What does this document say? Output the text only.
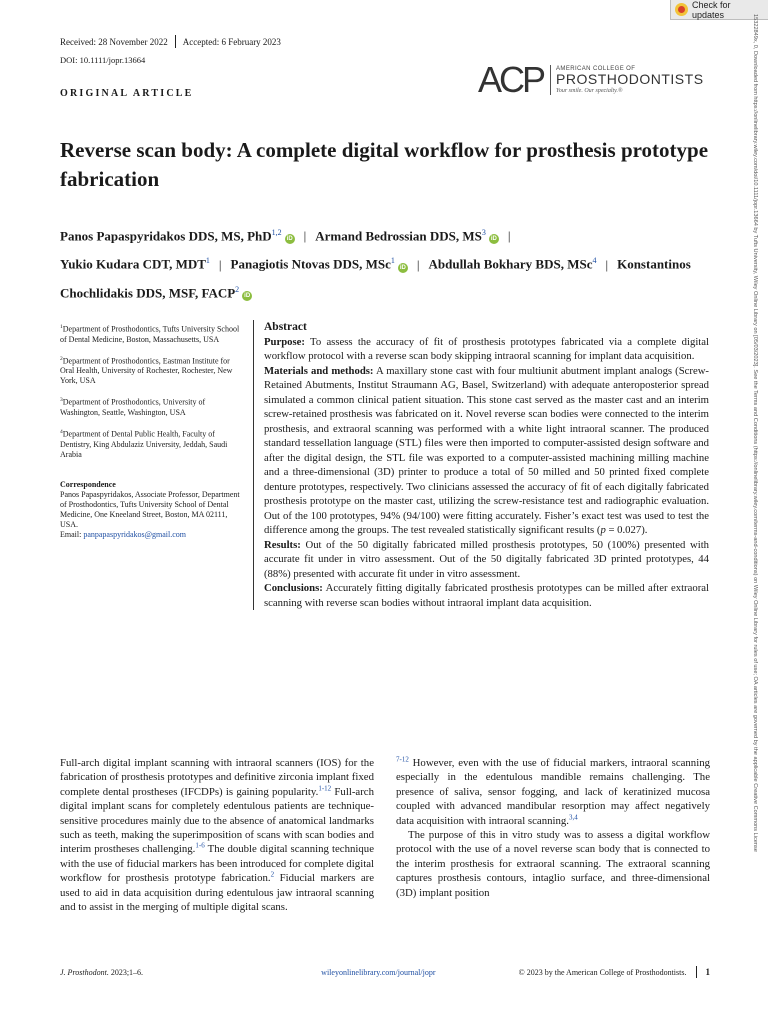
Check for updates	15322849x, 0, Downloaded from https://onlinelibrary.wiley.com/doi/10.1111/jopr.13664 by Tufts University, Wiley Online Library on [05/03/2023]. See the Terms and Conditions (https://onlinelibrary.wiley.com/terms-and-conditions) on Wiley Online Library for rules of use; OA articles are governed by the applicable Creative Commons License
Received: 28 November 2022 Accepted: 6 February 2023
DOI: 10.1111/jopr.13664
ORIGINAL ARTICLE	ACP AMERICAN COLLEGE OF
PROSTHODONTISTS
Your smile. Our specialty.®
Reverse scan body: A complete digital workflow for prosthesis prototype fabrication
Panos Papaspyridakos DDS, MS, PhD$^{1,2}$iD | Armand Bedrossian DDS, $MS^3iD$ |
Yukio Kudara CDT, MDT$^1$ | Panagiotis Ntovas DDS, MSc$^1$iD | Abdullah Bokhary BDS, MSc$^4$ | Konstantinos Chochlidakis DDS, MSF, FACP$^2$iD
$^1$Department of Prosthodontics, Tufts University School of Dental Medicine, Boston, Massachusetts, USA
$^2$Department of Prosthodontics, Eastman Institute for Oral Health, University of Rochester, Rochester, New York, USA
$^3$Department of Prosthodontics, University of Washington, Seattle, Washington, USA
$^4$Department of Dental Public Health, Faculty of Dentistry, King Abdulaziz University, Jeddah, Saudi Arabia
Correspondence
Panos Papaspyridakos, Associate Professor, Department of Prosthodontics, Tufts University School of Dental Medicine, One Kneeland Street, Boston, MA 02111, USA.
Email: panpapaspyridakos@gmail.com
Abstract
Purpose: To assess the accuracy of fit of prosthesis prototypes fabricated via a complete digital workflow protocol with a reverse scan body skipping intraoral scanning for implant data acquisition.
Materials and methods: A maxillary stone cast with four multiunit abutment implant analogs (Screw-Retained Abutments, Institut Straumann AG, Basel, Switzerland) with adequate anteroposterior spread simulated a common clinical patient situation. This stone cast served as the master cast and an interim screw-retained prosthesis was fabricated on it. Novel reverse scan bodies were connected to the interim prosthesis, and extraoral scanning was performed with a white light intraoral scanner. The produced standard tessellation language (STL) files were then imported to computer-assisted design software and after the digital design, the STL file was exported to a computer-assisted machining milling machine and a three-dimensional (3D) printer to produce a total of 50 milled and 50 printed fixed complete denture prototypes, respectively. Two clinicians assessed the accuracy of fit of each digitally fabricated prosthesis prototype on the master cast, utilizing the screw-resistance test and radiographic evaluation. Out of the 100 prototypes, 94% (94/100) were fitting accurately. Fisher’s exact test was used to test the difference among the groups. The test revealed statistically significant results (p = 0.027).
Results: Out of the 50 digitally fabricated milled prosthesis prototypes, 50 (100%) presented with accurate fit under in vitro assessment. Out of the 50 digitally fabricated 3D printed prototypes, 44 (88%) presented with accurate fit under in vitro assessment.
Conclusions: Accurately fitting digitally fabricated prosthesis prototypes can be milled after extraoral scanning with reverse scan bodies without intraoral implant data acquisition.

Full-arch digital implant scanning with intraoral scanners (IOS) for the fabrication of prosthesis prototypes and definitive zirconia implant fixed complete dental prostheses (IFCDPs) is gaining popularity.$^{1-12}$ Full-arch digital implant scans for completely edentulous patients are technique-sensitive procedures mainly due to the absence of anatomical landmarks such as teeth, making the superimposition of scans with scan bodies and interim prostheses challenging.$^{1-6}$ The double digital scanning technique with the use of fiducial markers has been introduced for complete digital workflow for prosthesis prototype fabrication.$^2$ Fiducial markers are used to aid in data acquisition during edentulous jaw intraoral scanning and to assist in the merging of multiple digital scans.

$^{7-12}$ However, even with the use of fiducial markers, intraoral scanning especially in the edentulous mandible remains challenging. The presence of saliva, sensor fogging, and lack of keratinized mucosa coupled with advanced mandibular resorption may affect negatively data acquisition with intraoral scanning.$^{3,4}$

The purpose of this in vitro study was to assess a digital workflow protocol with the use of a novel reverse scan body that is connected to the interim prosthesis for extraoral scanning. The extraoral scanning captures prosthesis contours, intaglio surface, and three-dimensional (3D) implant position

J. Prosthodont. 2023;1–6.	wileyonlinelibrary.com/journal/jopr	© 2023 by the American College of Prosthodontists. 1
